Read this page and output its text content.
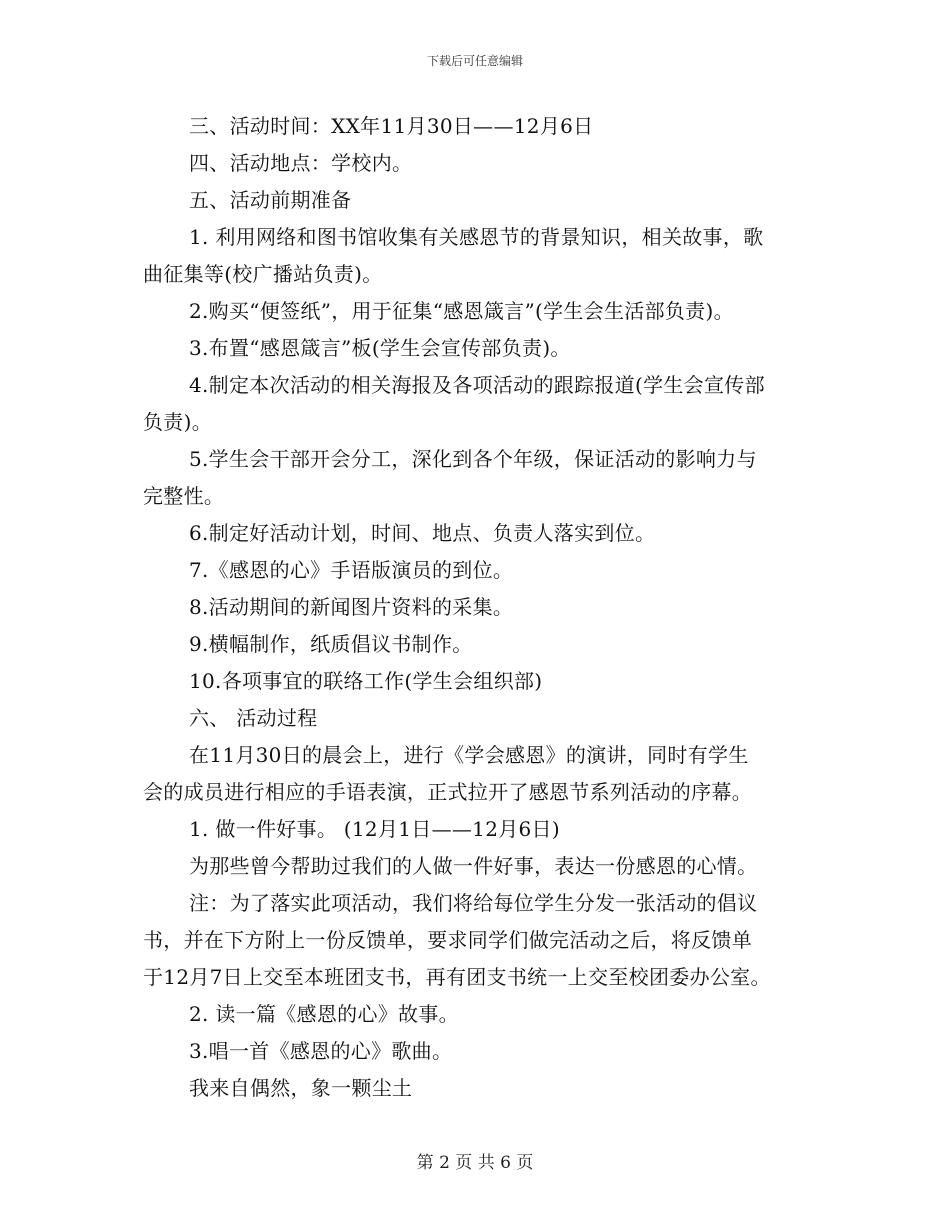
下载后可任意编辑

三、活动时间：XX年11月30日——12月6日

四、活动地点：学校内。

五、活动前期准备

1. 利用网络和图书馆收集有关感恩节的背景知识，相关故事，歌

曲征集等(校广播站负责)。

2.购买“便签纸”，用于征集“感恩箴言”(学生会生活部负责)。

3.布置“感恩箴言”板(学生会宣传部负责)。

4.制定本次活动的相关海报及各项活动的跟踪报道(学生会宣传部

负责)。

5.学生会干部开会分工，深化到各个年级，保证活动的影响力与

完整性。

6.制定好活动计划，时间、地点、负责人落实到位。

7.《感恩的心》手语版演员的到位。

8.活动期间的新闻图片资料的采集。

9.横幅制作，纸质倡议书制作。

10.各项事宜的联络工作(学生会组织部)

六、 活动过程

在11月30日的晨会上，进行《学会感恩》的演讲，同时有学生

会的成员进行相应的手语表演，正式拉开了感恩节系列活动的序幕。

1. 做一件好事。 (12月1日——12月6日)

为那些曾今帮助过我们的人做一件好事，表达一份感恩的心情。

注：为了落实此项活动，我们将给每位学生分发一张活动的倡议

书，并在下方附上一份反馈单，要求同学们做完活动之后，将反馈单

于12月7日上交至本班团支书，再有团支书统一上交至校团委办公室。

2. 读一篇《感恩的心》故事。

3.唱一首《感恩的心》歌曲。

我来自偶然，象一颗尘土

第 2 页 共 6 页
